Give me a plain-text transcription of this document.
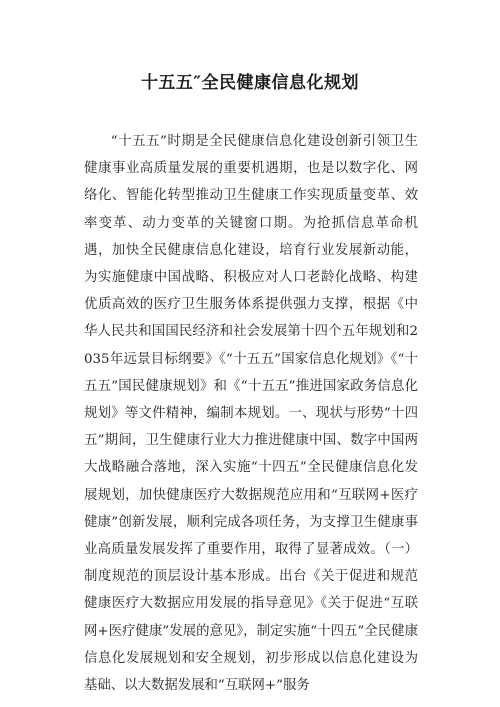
十五五″全民健康信息化规划

“十五五”时期是全民健康信息化建设创新引领卫生健康事业高质量发展的重要机遇期，也是以数字化、网络化、智能化转型推动卫生健康工作实现质量变革、效率变革、动力变革的关键窗口期。为抢抓信息革命机遇，加快全民健康信息化建设，培育行业发展新动能，为实施健康中国战略、积极应对人口老龄化战略、构建优质高效的医疗卫生服务体系提供强力支撑，根据《中华人民共和国国民经济和社会发展第十四个五年规划和2035年远景目标纲要》《“十五五”国家信息化规划》《“十五五”国民健康规划》和《“十五五”推进国家政务信息化规划》等文件精神，编制本规划。一、现状与形势“十四五”期间，卫生健康行业大力推进健康中国、数字中国两大战略融合落地，深入实施“十四五”全民健康信息化发展规划，加快健康医疗大数据规范应用和“互联网+医疗健康”创新发展，顺利完成各项任务，为支撑卫生健康事业高质量发展发挥了重要作用，取得了显著成效。（一）制度规范的顶层设计基本形成。出台《关于促进和规范健康医疗大数据应用发展的指导意见》《关于促进“互联网+医疗健康”发展的意见》，制定实施“十四五”全民健康信息化发展规划和安全规划，初步形成以信息化建设为基础、以大数据发展和“互联网+”服务
